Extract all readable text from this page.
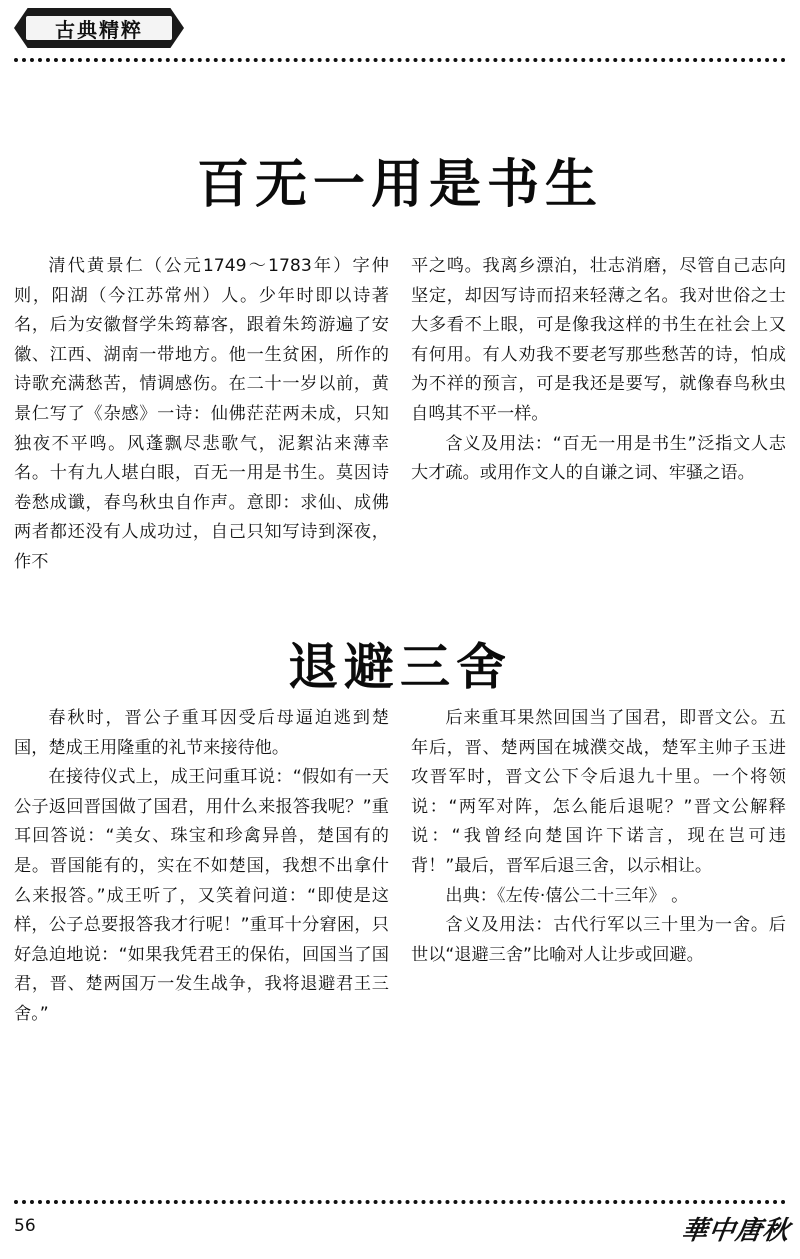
古典精粹
百无一用是书生

清代黄景仁（公元1749～1783年）字仲则，阳湖（今江苏常州）人。少年时即以诗著名，后为安徽督学朱筠幕客，跟着朱筠游遍了安徽、江西、湖南一带地方。他一生贫困，所作的诗歌充满愁苦，情调感伤。在二十一岁以前，黄景仁写了《杂感》一诗：仙佛茫茫两未成，只知独夜不平鸣。风蓬飘尽悲歌气，泥絮沾来薄幸名。十有九人堪白眼，百无一用是书生。莫因诗卷愁成谶，春鸟秋虫自作声。意即：求仙、成佛两者都还没有人成功过，自己只知写诗到深夜，作不

平之鸣。我离乡漂泊，壮志消磨，尽管自己志向坚定，却因写诗而招来轻薄之名。我对世俗之士大多看不上眼，可是像我这样的书生在社会上又有何用。有人劝我不要老写那些愁苦的诗，怕成为不祥的预言，可是我还是要写，就像春鸟秋虫自鸣其不平一样。

含义及用法：“百无一用是书生”泛指文人志大才疏。或用作文人的自谦之词、牢骚之语。

退避三舍

春秋时，晋公子重耳因受后母逼迫逃到楚国，楚成王用隆重的礼节来接待他。

在接待仪式上，成王问重耳说：“假如有一天公子返回晋国做了国君，用什么来报答我呢？”重耳回答说：“美女、珠宝和珍禽异兽，楚国有的是。晋国能有的，实在不如楚国，我想不出拿什么来报答。”成王听了，又笑着问道：“即使是这样，公子总要报答我才行呢！”重耳十分窘困，只好急迫地说：“如果我凭君王的保佑，回国当了国君，晋、楚两国万一发生战争，我将退避君王三舍。”

后来重耳果然回国当了国君，即晋文公。五年后，晋、楚两国在城濮交战，楚军主帅子玉进攻晋军时，晋文公下令后退九十里。一个将领说：“两军对阵，怎么能后退呢？”晋文公解释说：“我曾经向楚国许下诺言，现在岂可违背！”最后，晋军后退三舍，以示相让。

出典：《左传·僖公二十三年》 。

含义及用法：古代行军以三十里为一舍。后世以“退避三舍”比喻对人让步或回避。

56	華中唐秋
